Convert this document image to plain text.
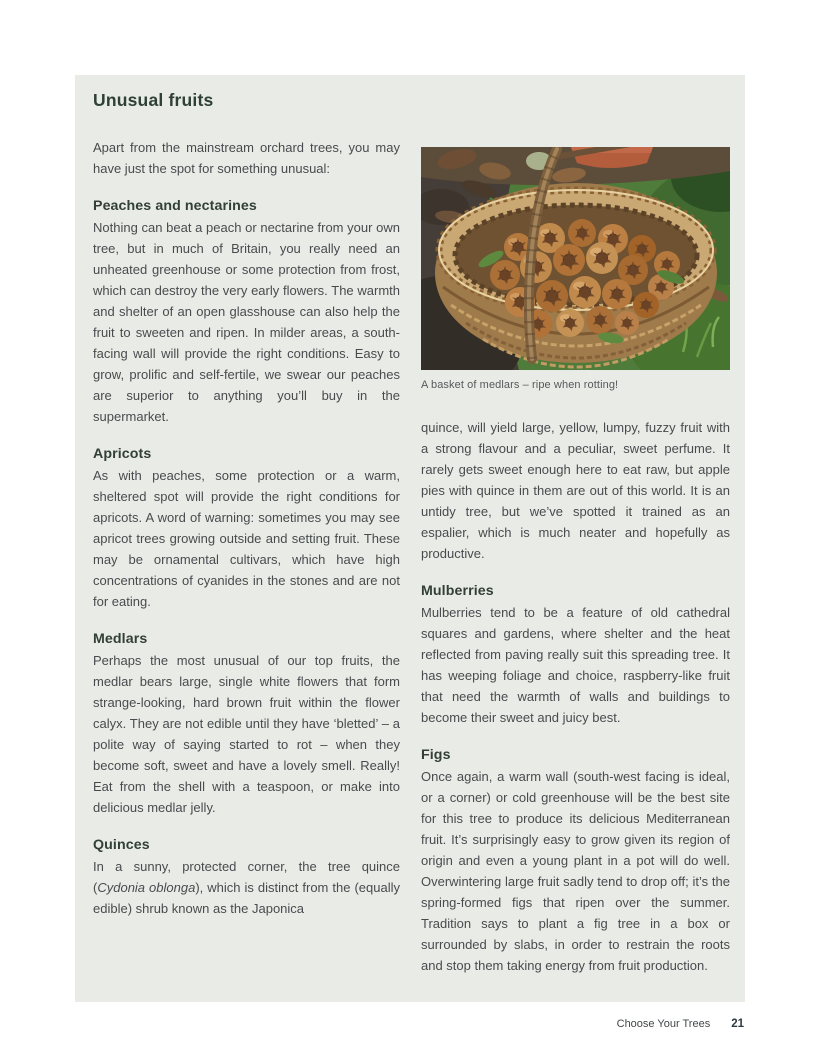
Unusual fruits

Apart from the mainstream orchard trees, you may have just the spot for something unusual:

Peaches and nectarines

Nothing can beat a peach or nectarine from your own tree, but in much of Britain, you really need an unheated greenhouse or some protection from frost, which can destroy the very early flowers. The warmth and shelter of an open glasshouse can also help the fruit to sweeten and ripen. In milder areas, a south-facing wall will provide the right conditions. Easy to grow, prolific and self-fertile, we swear our peaches are superior to anything you’ll buy in the supermarket.

Apricots

As with peaches, some protection or a warm, sheltered spot will provide the right conditions for apricots. A word of warning: sometimes you may see apricot trees growing outside and setting fruit. These may be ornamental cultivars, which have high concentrations of cyanides in the stones and are not for eating.

Medlars

Perhaps the most unusual of our top fruits, the medlar bears large, single white flowers that form strange-looking, hard brown fruit within the flower calyx. They are not edible until they have ‘bletted’ – a polite way of saying started to rot – when they become soft, sweet and have a lovely smell. Really! Eat from the shell with a teaspoon, or make into delicious medlar jelly.

Quinces

In a sunny, protected corner, the tree quince (Cydonia oblonga), which is distinct from the (equally edible) shrub known as the Japonica

A basket of medlars – ripe when rotting!

quince, will yield large, yellow, lumpy, fuzzy fruit with a strong flavour and a peculiar, sweet perfume. It rarely gets sweet enough here to eat raw, but apple pies with quince in them are out of this world. It is an untidy tree, but we’ve spotted it trained as an espalier, which is much neater and hopefully as productive.

Mulberries

Mulberries tend to be a feature of old cathedral squares and gardens, where shelter and the heat reflected from paving really suit this spreading tree. It has weeping foliage and choice, raspberry-like fruit that need the warmth of walls and buildings to become their sweet and juicy best.

Figs

Once again, a warm wall (south-west facing is ideal, or a corner) or cold greenhouse will be the best site for this tree to produce its delicious Mediterranean fruit. It’s surprisingly easy to grow given its region of origin and even a young plant in a pot will do well. Overwintering large fruit sadly tend to drop off; it’s the spring-formed figs that ripen over the summer. Tradition says to plant a fig tree in a box or surrounded by slabs, in order to restrain the roots and stop them taking energy from fruit production.

Choose Your Trees 21
